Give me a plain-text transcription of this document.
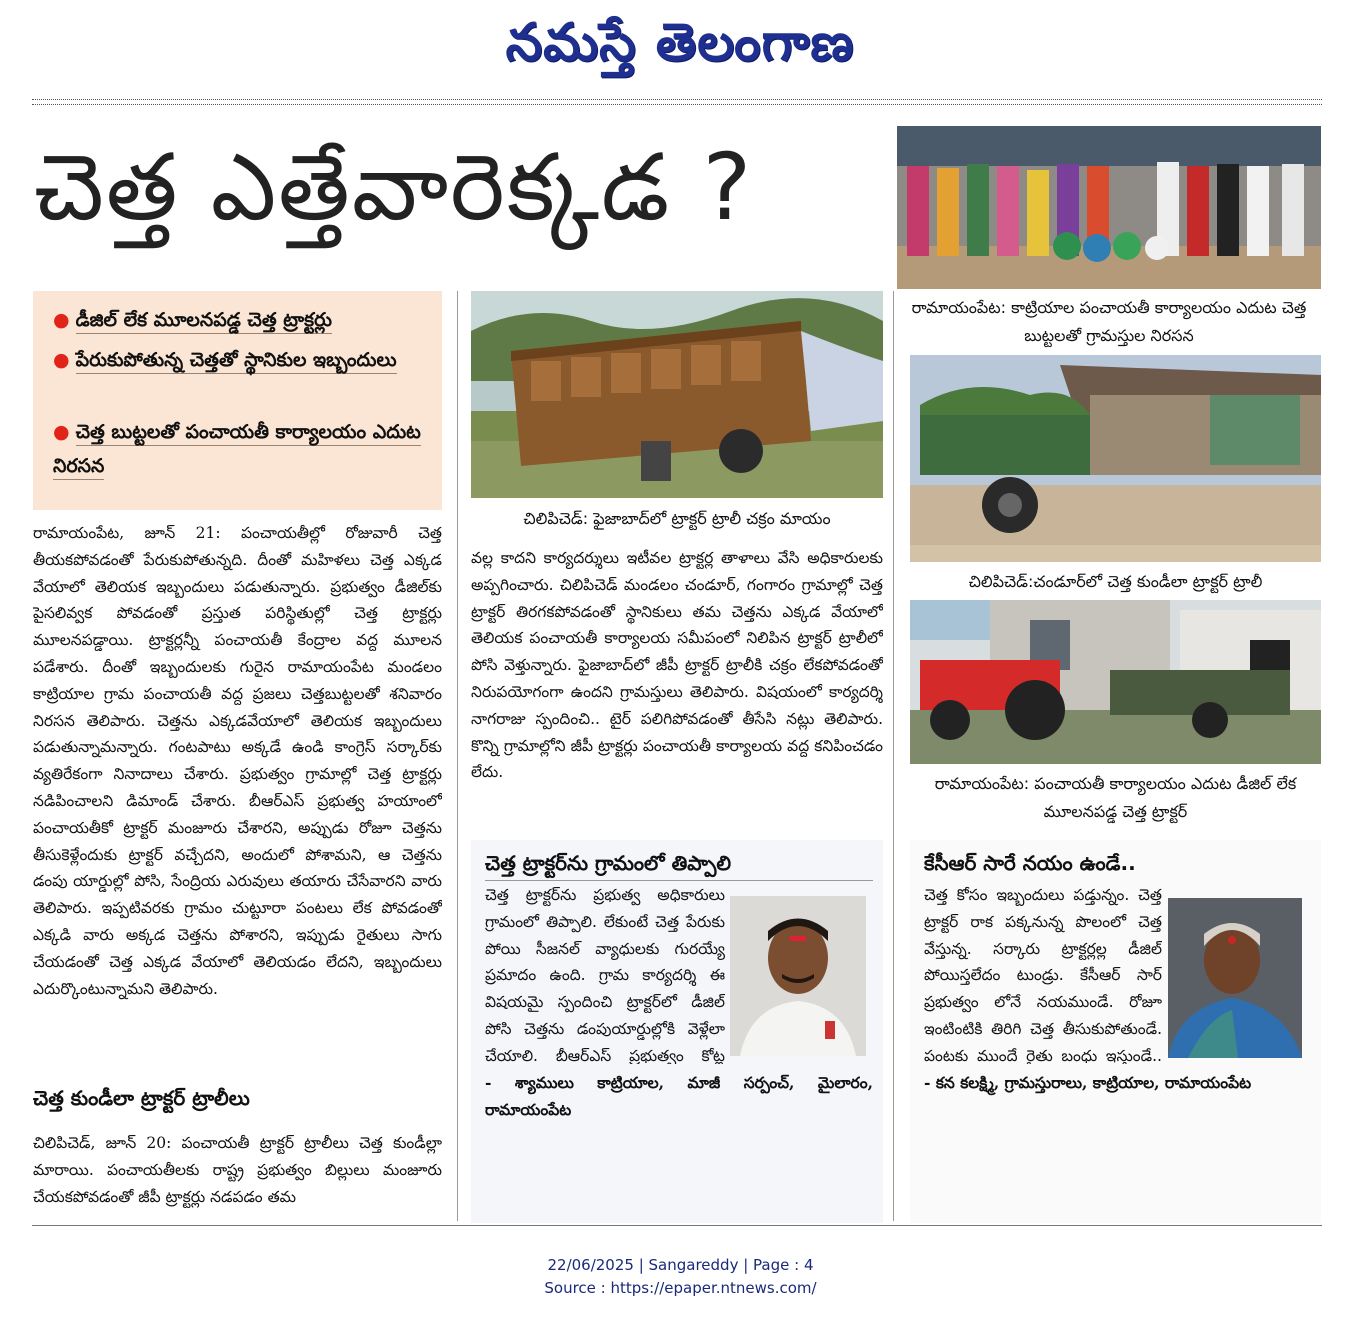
నమస్తే తెలంగాణ
చెత్త ఎత్తేవారెక్కడ ?
● డీజిల్ లేక మూలనపడ్డ చెత్త ట్రాక్టర్లు
● పేరుకుపోతున్న చెత్తతో స్థానికుల ఇబ్బందులు
● చెత్త బుట్టలతో పంచాయతీ కార్యాలయం ఎదుట నిరసన

రామాయంపేట, జూన్ 21: పంచాయతీల్లో రోజువారీ చెత్త తీయకపోవడంతో పేరుకుపోతున్నది. దీంతో మహిళలు చెత్త ఎక్కడ వేయాలో తెలియక ఇబ్బందులు పడుతున్నారు. ప్రభుత్వం డీజిల్‌కు పైసలివ్వక పోవడంతో ప్రస్తుత పరిస్థితుల్లో చెత్త ట్రాక్టర్లు మూలనపడ్డాయి. ట్రాక్టర్లన్నీ పంచాయతీ కేంద్రాల వద్ద మూలన పడేశారు. దీంతో ఇబ్బందులకు గురైన రామాయంపేట మండలం కాట్రియాల గ్రామ పంచాయతీ వద్ద ప్రజలు చెత్తబుట్టలతో శనివారం నిరసన తెలిపారు. చెత్తను ఎక్కడవేయాలో తెలియక ఇబ్బందులు పడుతున్నామన్నారు. గంటపాటు అక్కడే ఉండి కాంగ్రెస్ సర్కార్‌కు వ్యతిరేకంగా నినాదాలు చేశారు. ప్రభుత్వం గ్రామాల్లో చెత్త ట్రాక్టర్లు నడిపించాలని డిమాండ్ చేశారు. బీఆర్ఎస్ ప్రభుత్వ హయాంలో పంచాయతీకో ట్రాక్టర్ మంజూరు చేశారని, అప్పుడు రోజూ చెత్తను తీసుకెళ్లేందుకు ట్రాక్టర్ వచ్చేదని, అందులో పోశామని, ఆ చెత్తను డంపు యార్డుల్లో పోసి, సేంద్రియ ఎరువులు తయారు చేసేవారని వారు తెలిపారు. ఇప్పటివరకు గ్రామం చుట్టూరా పంటలు లేక పోవడంతో ఎక్కడి వారు అక్కడ చెత్తను పోశారని, ఇప్పుడు రైతులు సాగు చేయడంతో చెత్త ఎక్కడ వేయాలో తెలియడం లేదని, ఇబ్బందులు ఎదుర్కొంటున్నామని తెలిపారు.

చెత్త కుండీలా ట్రాక్టర్ ట్రాలీలు
చిలిపిచెడ్, జూన్ 20: పంచాయతీ ట్రాక్టర్ ట్రాలీలు చెత్త కుండీల్లా మారాయి. పంచాయతీలకు రాష్ట్ర ప్రభుత్వం బిల్లులు మంజూరు చేయకపోవడంతో జీపీ ట్రాక్టర్లు నడపడం తమ
చిలిపిచెడ్: ఫైజాబాద్‌లో ట్రాక్టర్ ట్రాలీ చక్రం మాయం
వల్ల కాదని కార్యదర్శులు ఇటీవల ట్రాక్టర్ల తాళాలు వేసి అధికారులకు అప్పగించారు. చిలిపిచెడ్ మండలం చండూర్, గంగారం గ్రామాల్లో చెత్త ట్రాక్టర్ తిరగకపోవడంతో స్థానికులు తమ చెత్తను ఎక్కడ వేయాలో తెలియక పంచాయతీ కార్యాలయ సమీపంలో నిలిపిన ట్రాక్టర్ ట్రాలీలో పోసి వెళ్తున్నారు. ఫైజాబాద్‌లో జీపీ ట్రాక్టర్ ట్రాలీకి చక్రం లేకపోవడంతో నిరుపయోగంగా ఉందని గ్రామస్తులు తెలిపారు. విషయంలో కార్యదర్శి నాగరాజు స్పందించి.. టైర్ పలిగిపోవడంతో తీసేసి నట్లు తెలిపారు. కొన్ని గ్రామాల్లోని జీపీ ట్రాక్టర్లు పంచాయతీ కార్యాలయ వద్ద కనిపించడం లేదు.
చెత్త ట్రాక్టర్‌ను గ్రామంలో తిప్పాలి
చెత్త ట్రాక్టర్‌ను ప్రభుత్వ అధికారులు గ్రామంలో తిప్పాలి. లేకుంటే చెత్త పేరుకు పోయి సీజనల్ వ్యాధులకు గురయ్యే ప్రమాదం ఉంది. గ్రామ కార్యదర్శి ఈ విషయమై స్పందించి ట్రాక్టర్‌లో డీజిల్ పోసి చెత్తను డంపుయార్డుల్లోకి వెళ్లేలా చేయాలి. బీఆర్ఎస్ ప్రభుత్వం కోట్ల
- శ్యాములు కాట్రియాల, మాజీ సర్పంచ్, మైలారం, రామాయంపేట
రామాయంపేట: కాట్రియాల పంచాయతీ కార్యాలయం ఎదుట చెత్త బుట్టలతో గ్రామస్తుల నిరసన
చిలిపిచెడ్:చండూర్‌లో చెత్త కుండీలా ట్రాక్టర్ ట్రాలీ
రామాయంపేట: పంచాయతీ కార్యాలయం ఎదుట డీజిల్ లేక మూలనపడ్డ చెత్త ట్రాక్టర్
కేసీఆర్ సారే నయం ఉండే..
చెత్త కోసం ఇబ్బందులు పడ్తున్నం. చెత్త ట్రాక్టర్ రాక పక్కనున్న పొలంలో చెత్త వేస్తున్న. సర్కారు ట్రాక్టర్లల్ల డీజిల్ పోయిస్తలేదం టుండ్రు. కేసీఆర్ సార్ ప్రభుత్వం లోనే నయముండే. రోజూ ఇంటింటికి తిరిగి చెత్త తీసుకుపోతుండే. పంటకు ముందే రైతు బంధు ఇస్తుండే..
- కన కలక్ష్మి, గ్రామస్తురాలు, కాట్రియాల, రామాయంపేట
22/06/2025 | Sangareddy | Page : 4
Source : https://epaper.ntnews.com/
